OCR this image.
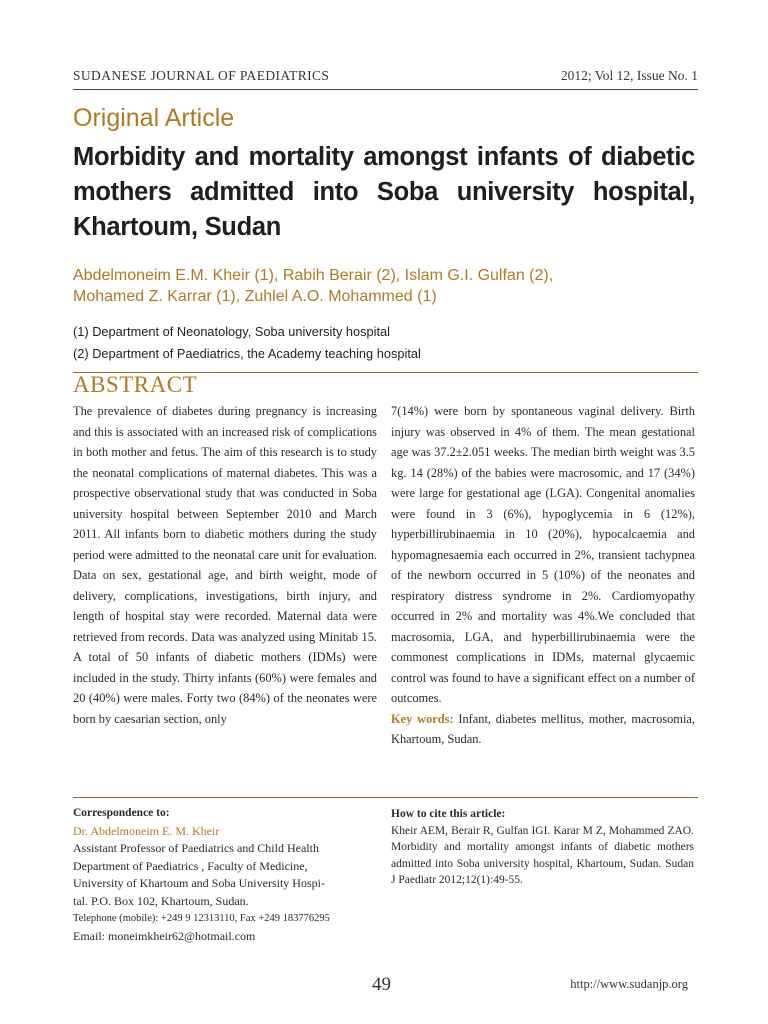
SUDANESE JOURNAL OF PAEDIATRICS	2012; Vol 12, Issue No. 1
Original Article
Morbidity and mortality amongst infants of diabetic mothers admitted into Soba university hospital, Khartoum, Sudan
Abdelmoneim E.M. Kheir (1), Rabih Berair (2), Islam G.I. Gulfan (2),
Mohamed Z. Karrar (1), Zuhlel A.O. Mohammed (1)
(1) Department of Neonatology, Soba university hospital
(2) Department of Paediatrics, the Academy teaching hospital
ABSTRACT

The prevalence of diabetes during pregnancy is increasing and this is associated with an increased risk of complications in both mother and fetus. The aim of this research is to study the neonatal complications of maternal diabetes. This was a prospective observational study that was conducted in Soba university hospital between September 2010 and March 2011. All infants born to diabetic mothers during the study period were admitted to the neonatal care unit for evaluation. Data on sex, gestational age, and birth weight, mode of delivery, complications, investigations, birth injury, and length of hospital stay were recorded. Maternal data were retrieved from records. Data was analyzed using Minitab 15. A total of 50 infants of diabetic mothers (IDMs) were included in the study. Thirty infants (60%) were females and 20 (40%) were males. Forty two (84%) of the neonates were born by caesarian section, only

7(14%) were born by spontaneous vaginal delivery. Birth injury was observed in 4% of them. The mean gestational age was 37.2±2.051 weeks. The median birth weight was 3.5 kg. 14 (28%) of the babies were macrosomic, and 17 (34%) were large for gestational age (LGA). Congenital anomalies were found in 3 (6%), hypoglycemia in 6 (12%), hyperbillirubinaemia in 10 (20%), hypocalcaemia and hypomagnesaemia each occurred in 2%, transient tachypnea of the newborn occurred in 5 (10%) of the neonates and respiratory distress syndrome in 2%. Cardiomyopathy occurred in 2% and mortality was 4%.We concluded that macrosomia, LGA, and hyperbillirubinaemia were the commonest complications in IDMs, maternal glycaemic control was found to have a significant effect on a number of outcomes.

Key words: Infant, diabetes mellitus, mother, macrosomia, Khartoum, Sudan.

Correspondence to:
Dr. Abdelmoneim E. M. Kheir
Assistant Professor of Paediatrics and Child Health
Department of Paediatrics , Faculty of Medicine,
University of Khartoum and Soba University Hospi-
tal. P.O. Box 102, Khartoum, Sudan.
Telephone (mobile): +249 9 12313110, Fax +249 183776295
Email: moneimkheir62@hotmail.com
How to cite this article:
Kheir AEM, Berair R, Gulfan IGI. Karar M Z, Mohammed ZAO. Morbidity and mortality amongst infants of diabetic mothers admitted into Soba university hospital, Khartoum, Sudan. Sudan J Paediatr 2012;12(1):49-55.
49	http://www.sudanjp.org
